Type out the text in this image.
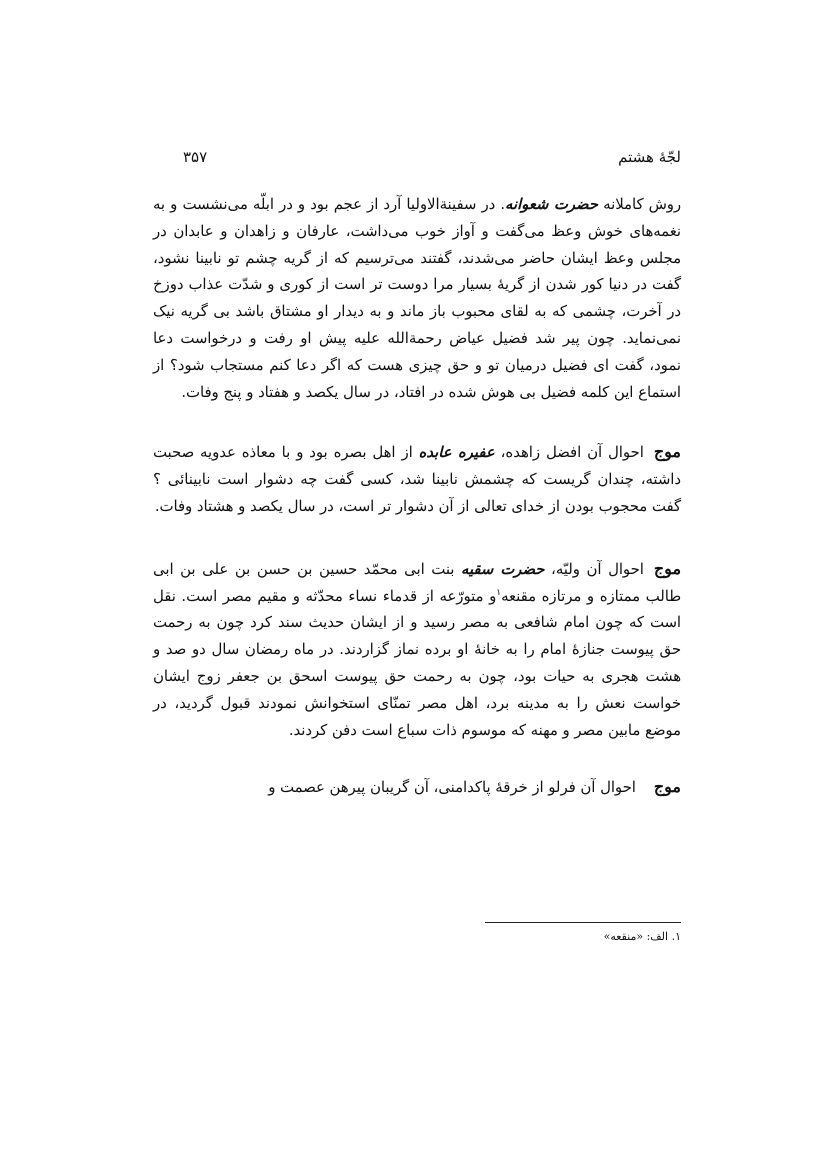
لجّهٔ هشتم
۳۵۷

روش کاملانه حضرت شعوانه. در سفینةالاولیا آرد از عجم بود و در ابلّه می‌نشست و به نغمه‌های خوش وعظ می‌گفت و آواز خوب می‌داشت، عارفان و زاهدان و عابدان در مجلس وعظ ایشان حاضر می‌شدند، گفتند می‌ترسیم که از گریه چشم تو نابینا نشود، گفت در دنیا کور شدن از گریهٔ بسیار مرا دوست تر است از کوری و شدّت عذاب دوزخ در آخرت، چشمی که به لقای محبوب باز ماند و به دیدار او مشتاق باشد بی گریه نیک نمی‌نماید. چون پیر شد فضیل عیاض رحمةالله علیه پیش او رفت و درخواست دعا نمود، گفت ای فضیل درمیان تو و حق چیزی هست که اگر دعا کنم مستجاب شود؟ از استماع این کلمه فضیل بی هوش شده در افتاد، در سال یکصد و هفتاد و پنج وفات.

موجاحوال آن افضل زاهده، عفیره عابده از اهل بصره بود و با معاذه عدویه صحبت داشته، چندان گریست که چشمش نابینا شد، کسی گفت چه دشوار است نابینائی ؟ گفت محجوب بودن از خدای تعالی از آن دشوار تر است، در سال یکصد و هشتاد وفات.

موجاحوال آن ولیّه، حضرت سقیه بنت ابی محمّد حسین بن حسن بن علی بن ابی طالب ممتازه و مرتازه مقنعه$^۱$و متورّعه از قدماء نساء محدّثه و مقیم مصر است. نقل است که چون امام شافعی به مصر رسید و از ایشان حدیث سند کرد چون به رحمت حق پیوست جنازهٔ امام را به خانهٔ او برده نماز گزاردند. در ماه رمضان سال دو صد و هشت هجری به حیات بود، چون به رحمت حق پیوست اسحق بن جعفر زوج ایشان خواست نعش را به مدینه برد، اهل مصر تمنّای استخوانش نمودند قبول گردید، در موضع مابین مصر و مهنه که موسوم ذات سباع است دفن کردند.

موجاحوال آن فرلو از خرقهٔ پاکدامنی، آن گریبان پیرهن عصمت و

۱. الف: «منقعه»
